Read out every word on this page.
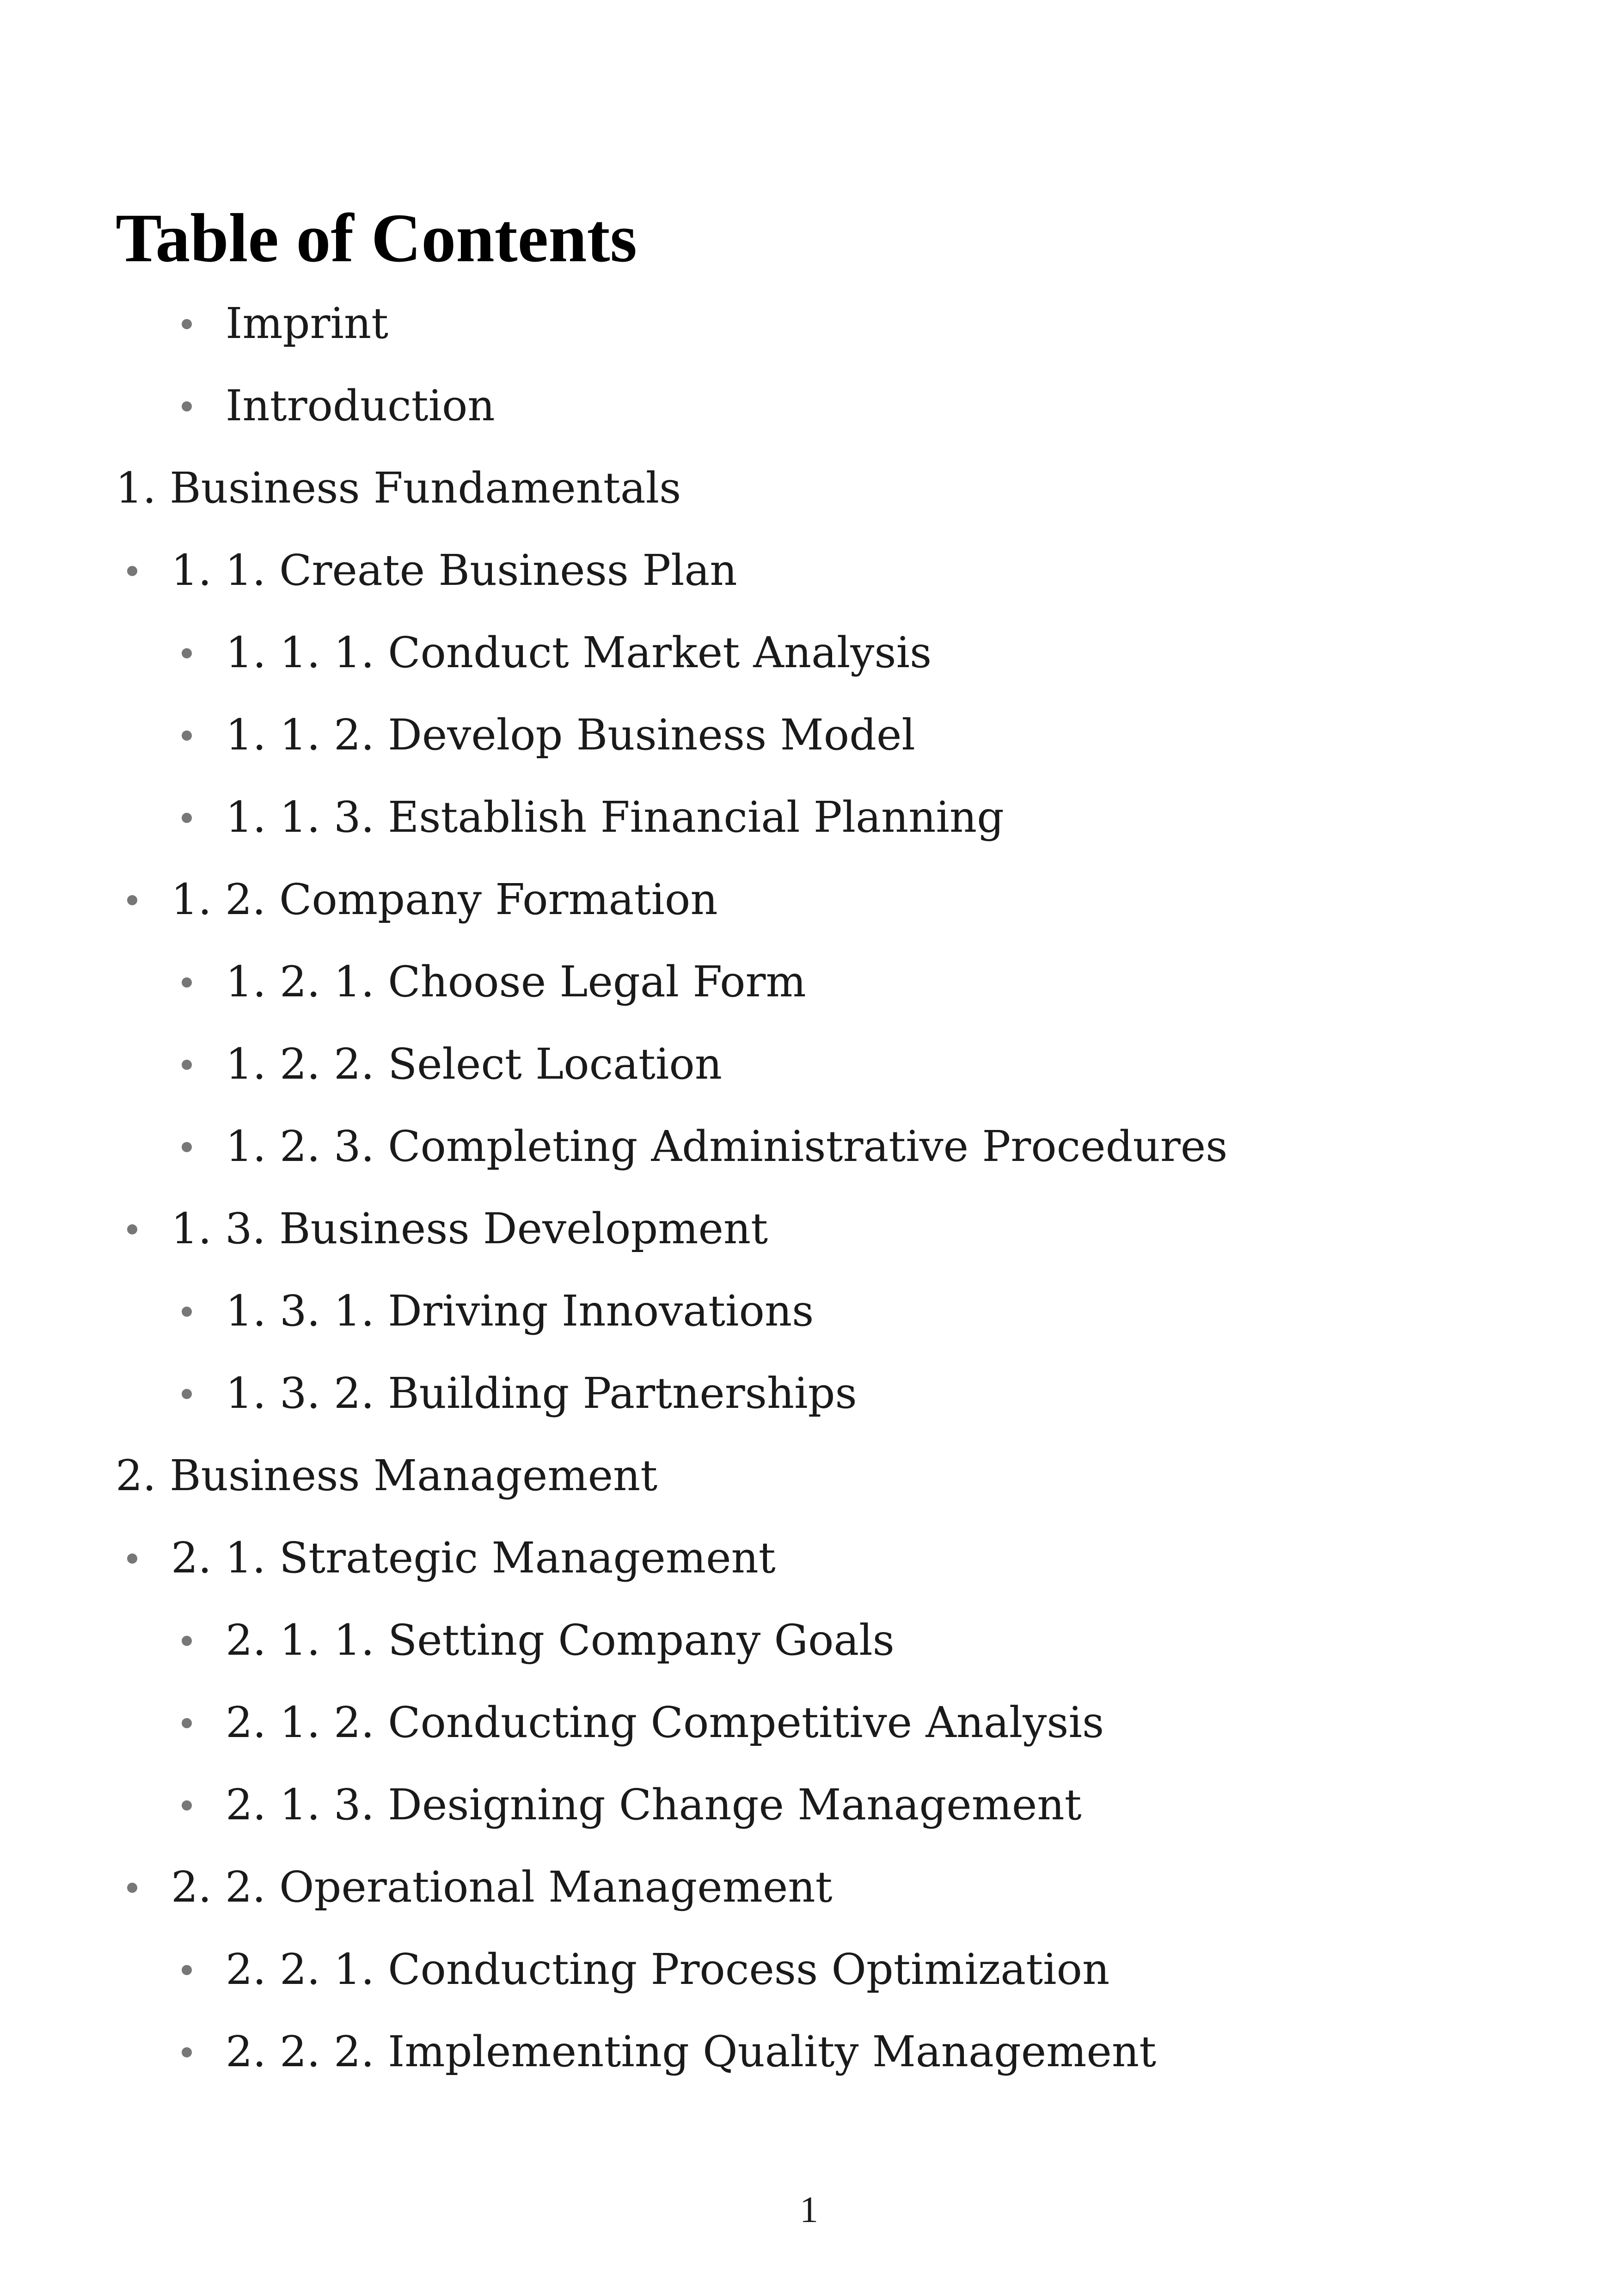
Table of Contents
Imprint
Introduction
1. Business Fundamentals
1. 1. Create Business Plan
1. 1. 1. Conduct Market Analysis
1. 1. 2. Develop Business Model
1. 1. 3. Establish Financial Planning
1. 2. Company Formation
1. 2. 1. Choose Legal Form
1. 2. 2. Select Location
1. 2. 3. Completing Administrative Procedures
1. 3. Business Development
1. 3. 1. Driving Innovations
1. 3. 2. Building Partnerships
2. Business Management
2. 1. Strategic Management
2. 1. 1. Setting Company Goals
2. 1. 2. Conducting Competitive Analysis
2. 1. 3. Designing Change Management
2. 2. Operational Management
2. 2. 1. Conducting Process Optimization
2. 2. 2. Implementing Quality Management
1
